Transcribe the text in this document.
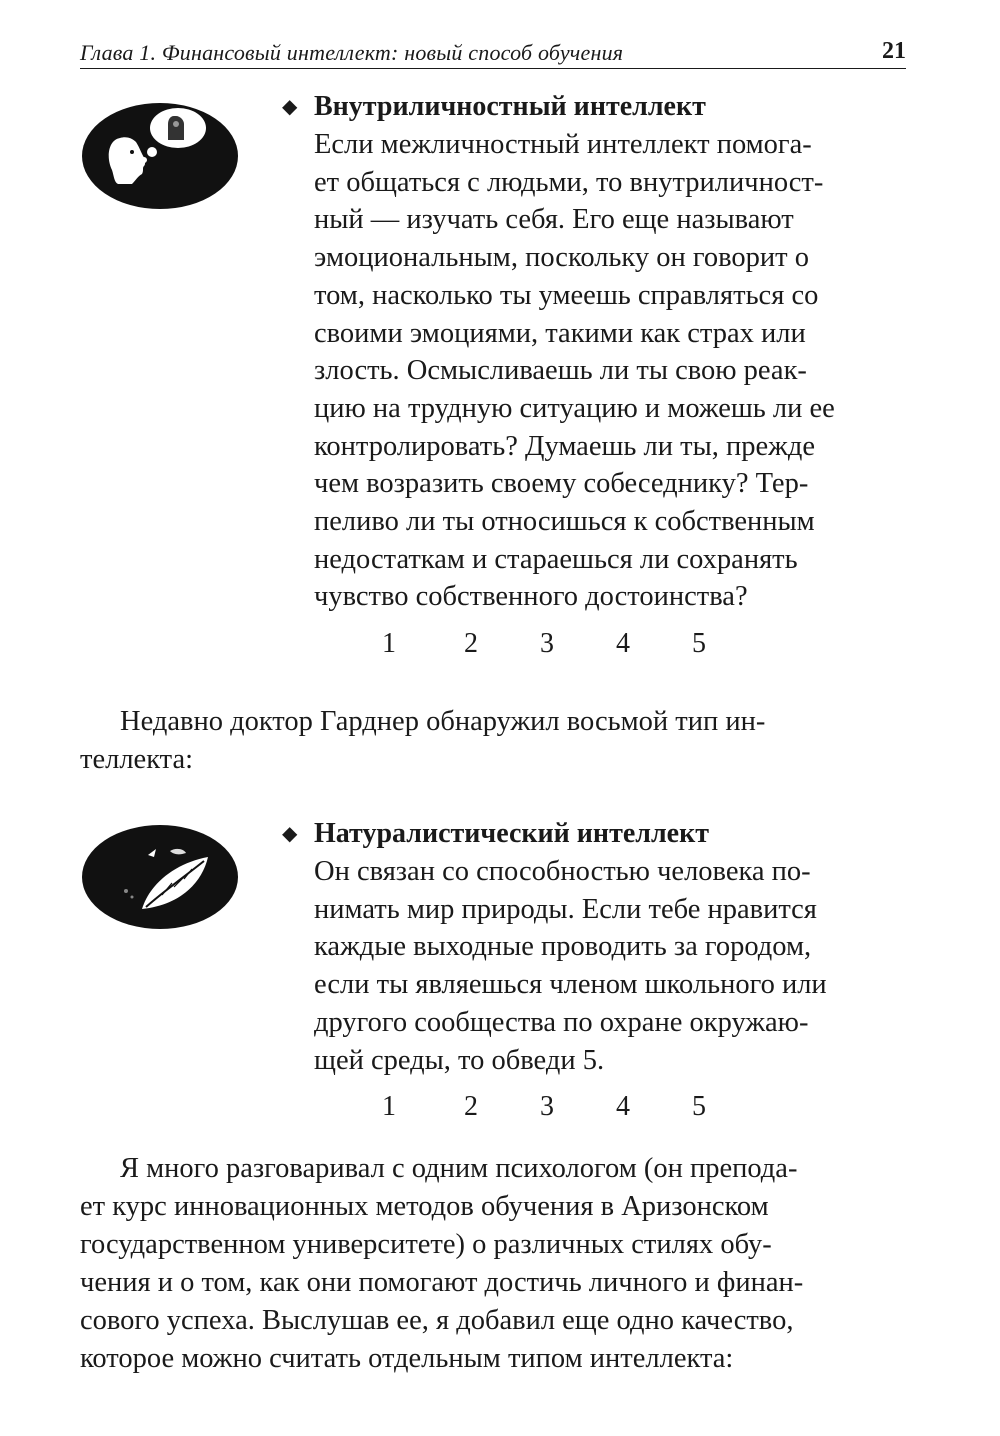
Глава 1. Финансовый интеллект: новый способ обучения	21
◆ Внутриличностный интеллект
Если межличностный интеллект помога-
ет общаться с людьми, то внутриличност-
ный — изучать себя. Его еще называют
эмоциональным, поскольку он говорит о
том, насколько ты умеешь справляться со
своими эмоциями, такими как страх или
злость. Осмысливаешь ли ты свою реак-
цию на трудную ситуацию и можешь ли ее
контролировать? Думаешь ли ты, прежде
чем возразить своему собеседнику? Тер-
пеливо ли ты относишься к собственным
недостаткам и стараешься ли сохранять
чувство собственного достоинства?
1 2 3 4 5
Недавно доктор Гарднер обнаружил восьмой тип ин-
теллекта:
◆ Натуралистический интеллект
Он связан со способностью человека по-
нимать мир природы. Если тебе нравится
каждые выходные проводить за городом,
если ты являешься членом школьного или
другого сообщества по охране окружаю-
щей среды, то обведи 5.
1 2 3 4 5
Я много разговаривал с одним психологом (он препода-
ет курс инновационных методов обучения в Аризонском
государственном университете) о различных стилях обу-
чения и о том, как они помогают достичь личного и финан-
сового успеха. Выслушав ее, я добавил еще одно качество,
которое можно считать отдельным типом интеллекта:
